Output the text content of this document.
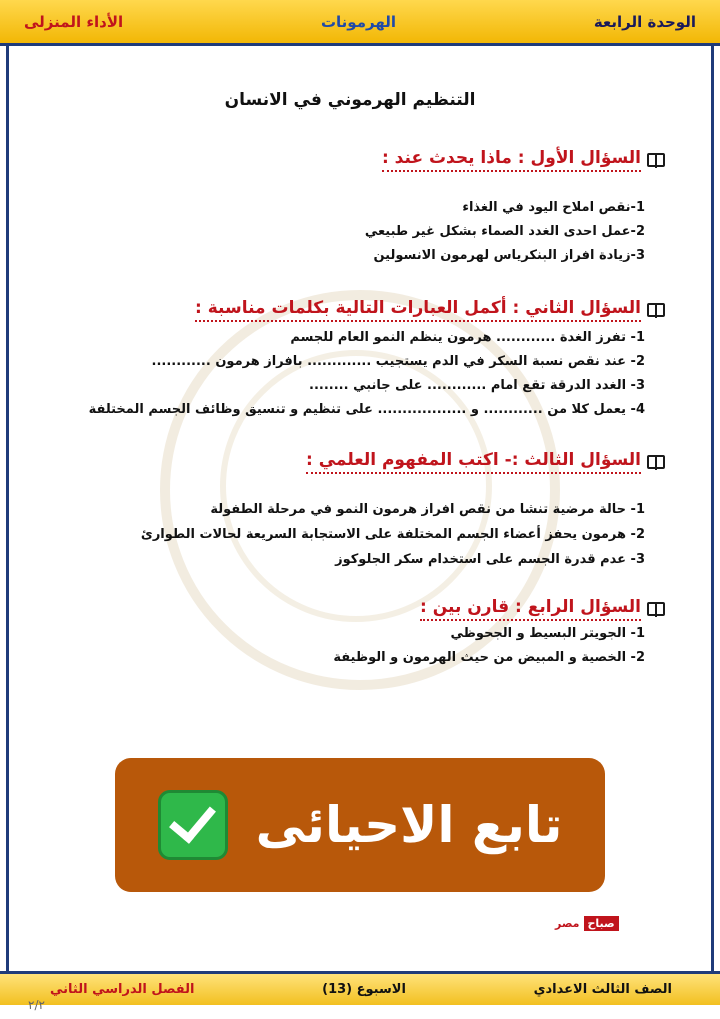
الوحدة الرابعة
الهرمونات
الأداء المنزلى
التنظيم الهرموني في الانسان
السؤال الأول : ماذا يحدث عند :
1-نقص املاح اليود في الغذاء
2-عمل احدى الغدد الصماء بشكل غير طبيعي
3-زيادة افراز البنكرياس لهرمون الانسولين
السؤال الثاني : أكمل العبارات التالية بكلمات مناسبة :
1- تفرز الغدة ............ هرمون ينظم النمو العام للجسم
2- عند نقص نسبة السكر في الدم يستجيب ............. بافراز هرمون ............
3- الغدد الدرقة تقع امام ............ على جانبي ........
4- يعمل كلا من ............ و .................. على تنظيم و تنسيق وظائف الجسم المختلفة
السؤال الثالث :- اكتب المفهوم العلمي :
1- حالة مرضية تنشا من نقص افراز هرمون النمو في مرحلة الطفولة
2- هرمون يحفز أعضاء الجسم المختلفة على الاستجابة السريعة لحالات الطوارئ
3- عدم قدرة الجسم على استخدام سكر الجلوكوز
السؤال الرابع : قارن بين :
1- الجويتر البسيط و الجحوظي
2- الخصية و المبيض من حيث الهرمون و الوظيفة
تابع الاحيائى
صباح
مصر
الصف الثالث الاعدادي
الاسبوع (13)
الفصل الدراسي الثاني
٢/٢
